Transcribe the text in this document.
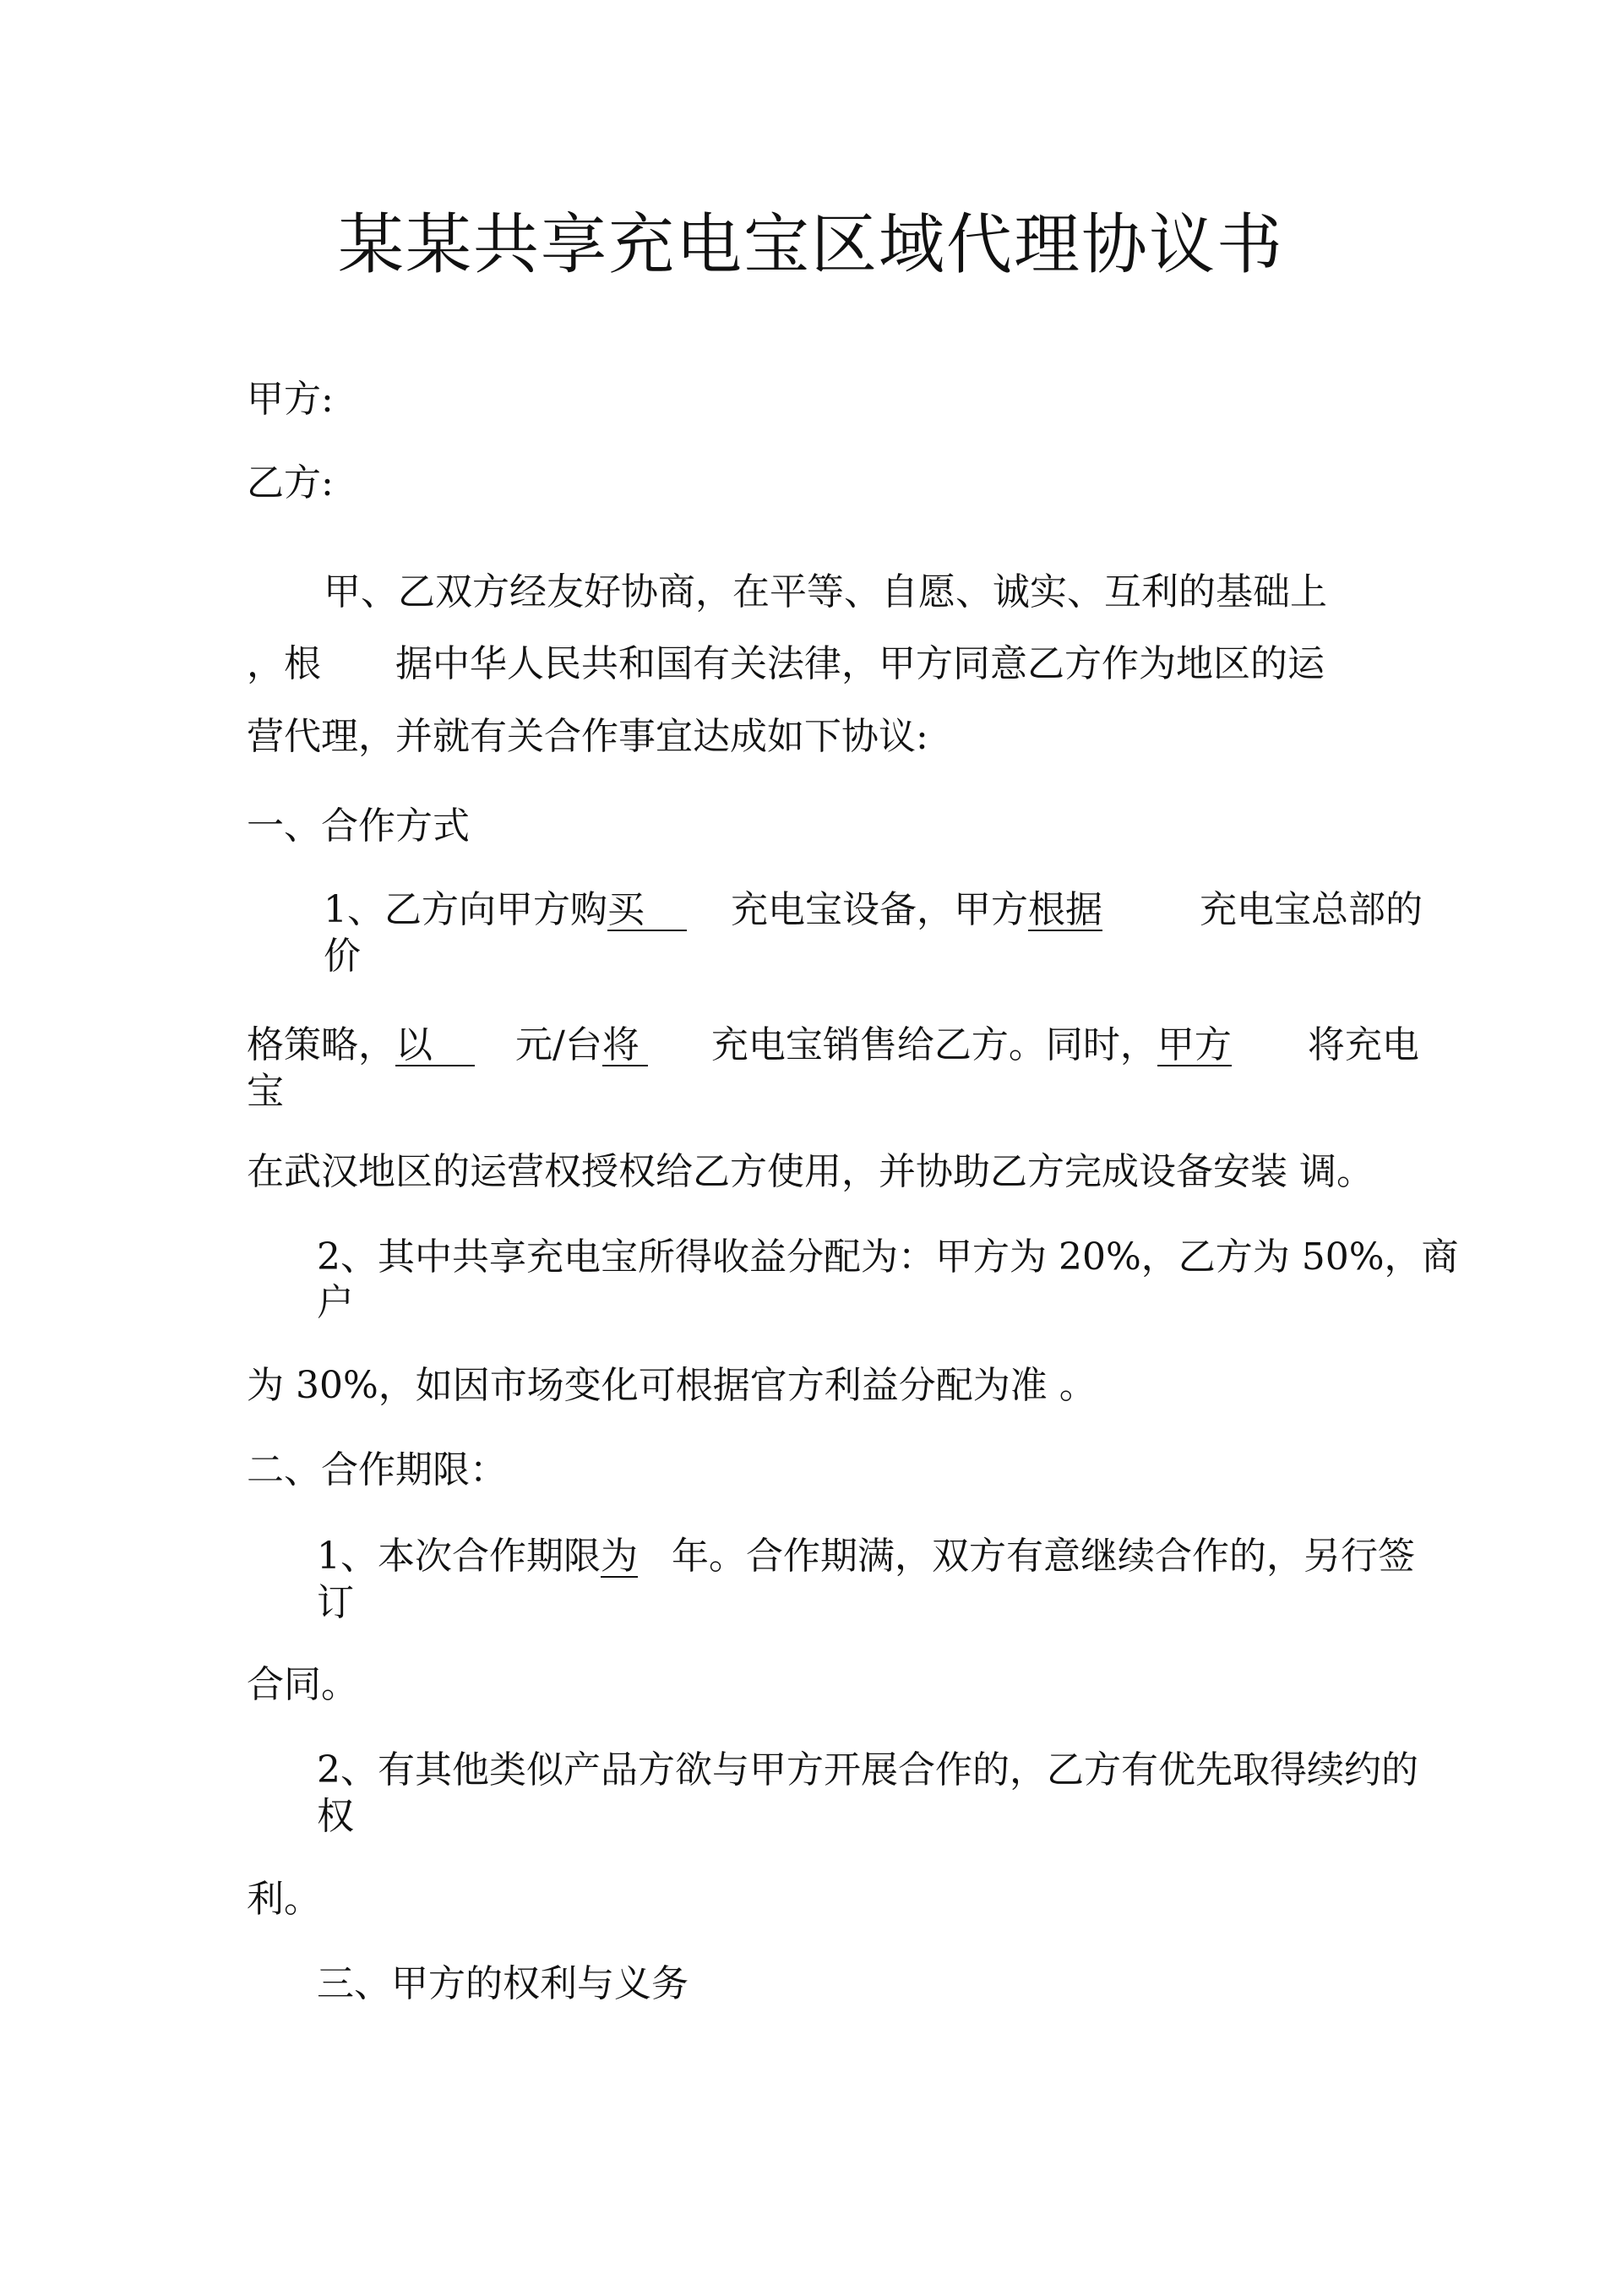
某某共享充电宝区域代理协议书
甲方:
乙方:
甲、乙双方经友好协商，在平等、自愿、诚实、互利的基础上
，根 据中华人民共和国有关法律，甲方同意乙方作为地区的运
营代理，并就有关合作事宜达成如下协议:
一、合作方式
1、乙方向甲方购买 充电宝设备，甲方根据	充电宝总部的
价
格策略，以 元/台将 充电宝销售给乙方。同时，甲方 将充电
宝
在武汉地区的运营权授权给乙方使用，并协助乙方完成设备安装 调。
2、其中共享充电宝所得收益分配为：甲方为 20%，乙方为 50%，商
户
为 30%，如因市场变化可根据官方利益分配为准 。
二、合作期限：
1、本次合作期限为 年。合作期满，双方有意继续合作的，另行签
订
合同。
2、有其他类似产品方欲与甲方开展合作的，乙方有优先取得续约的
权
利。
三、甲方的权利与义务
